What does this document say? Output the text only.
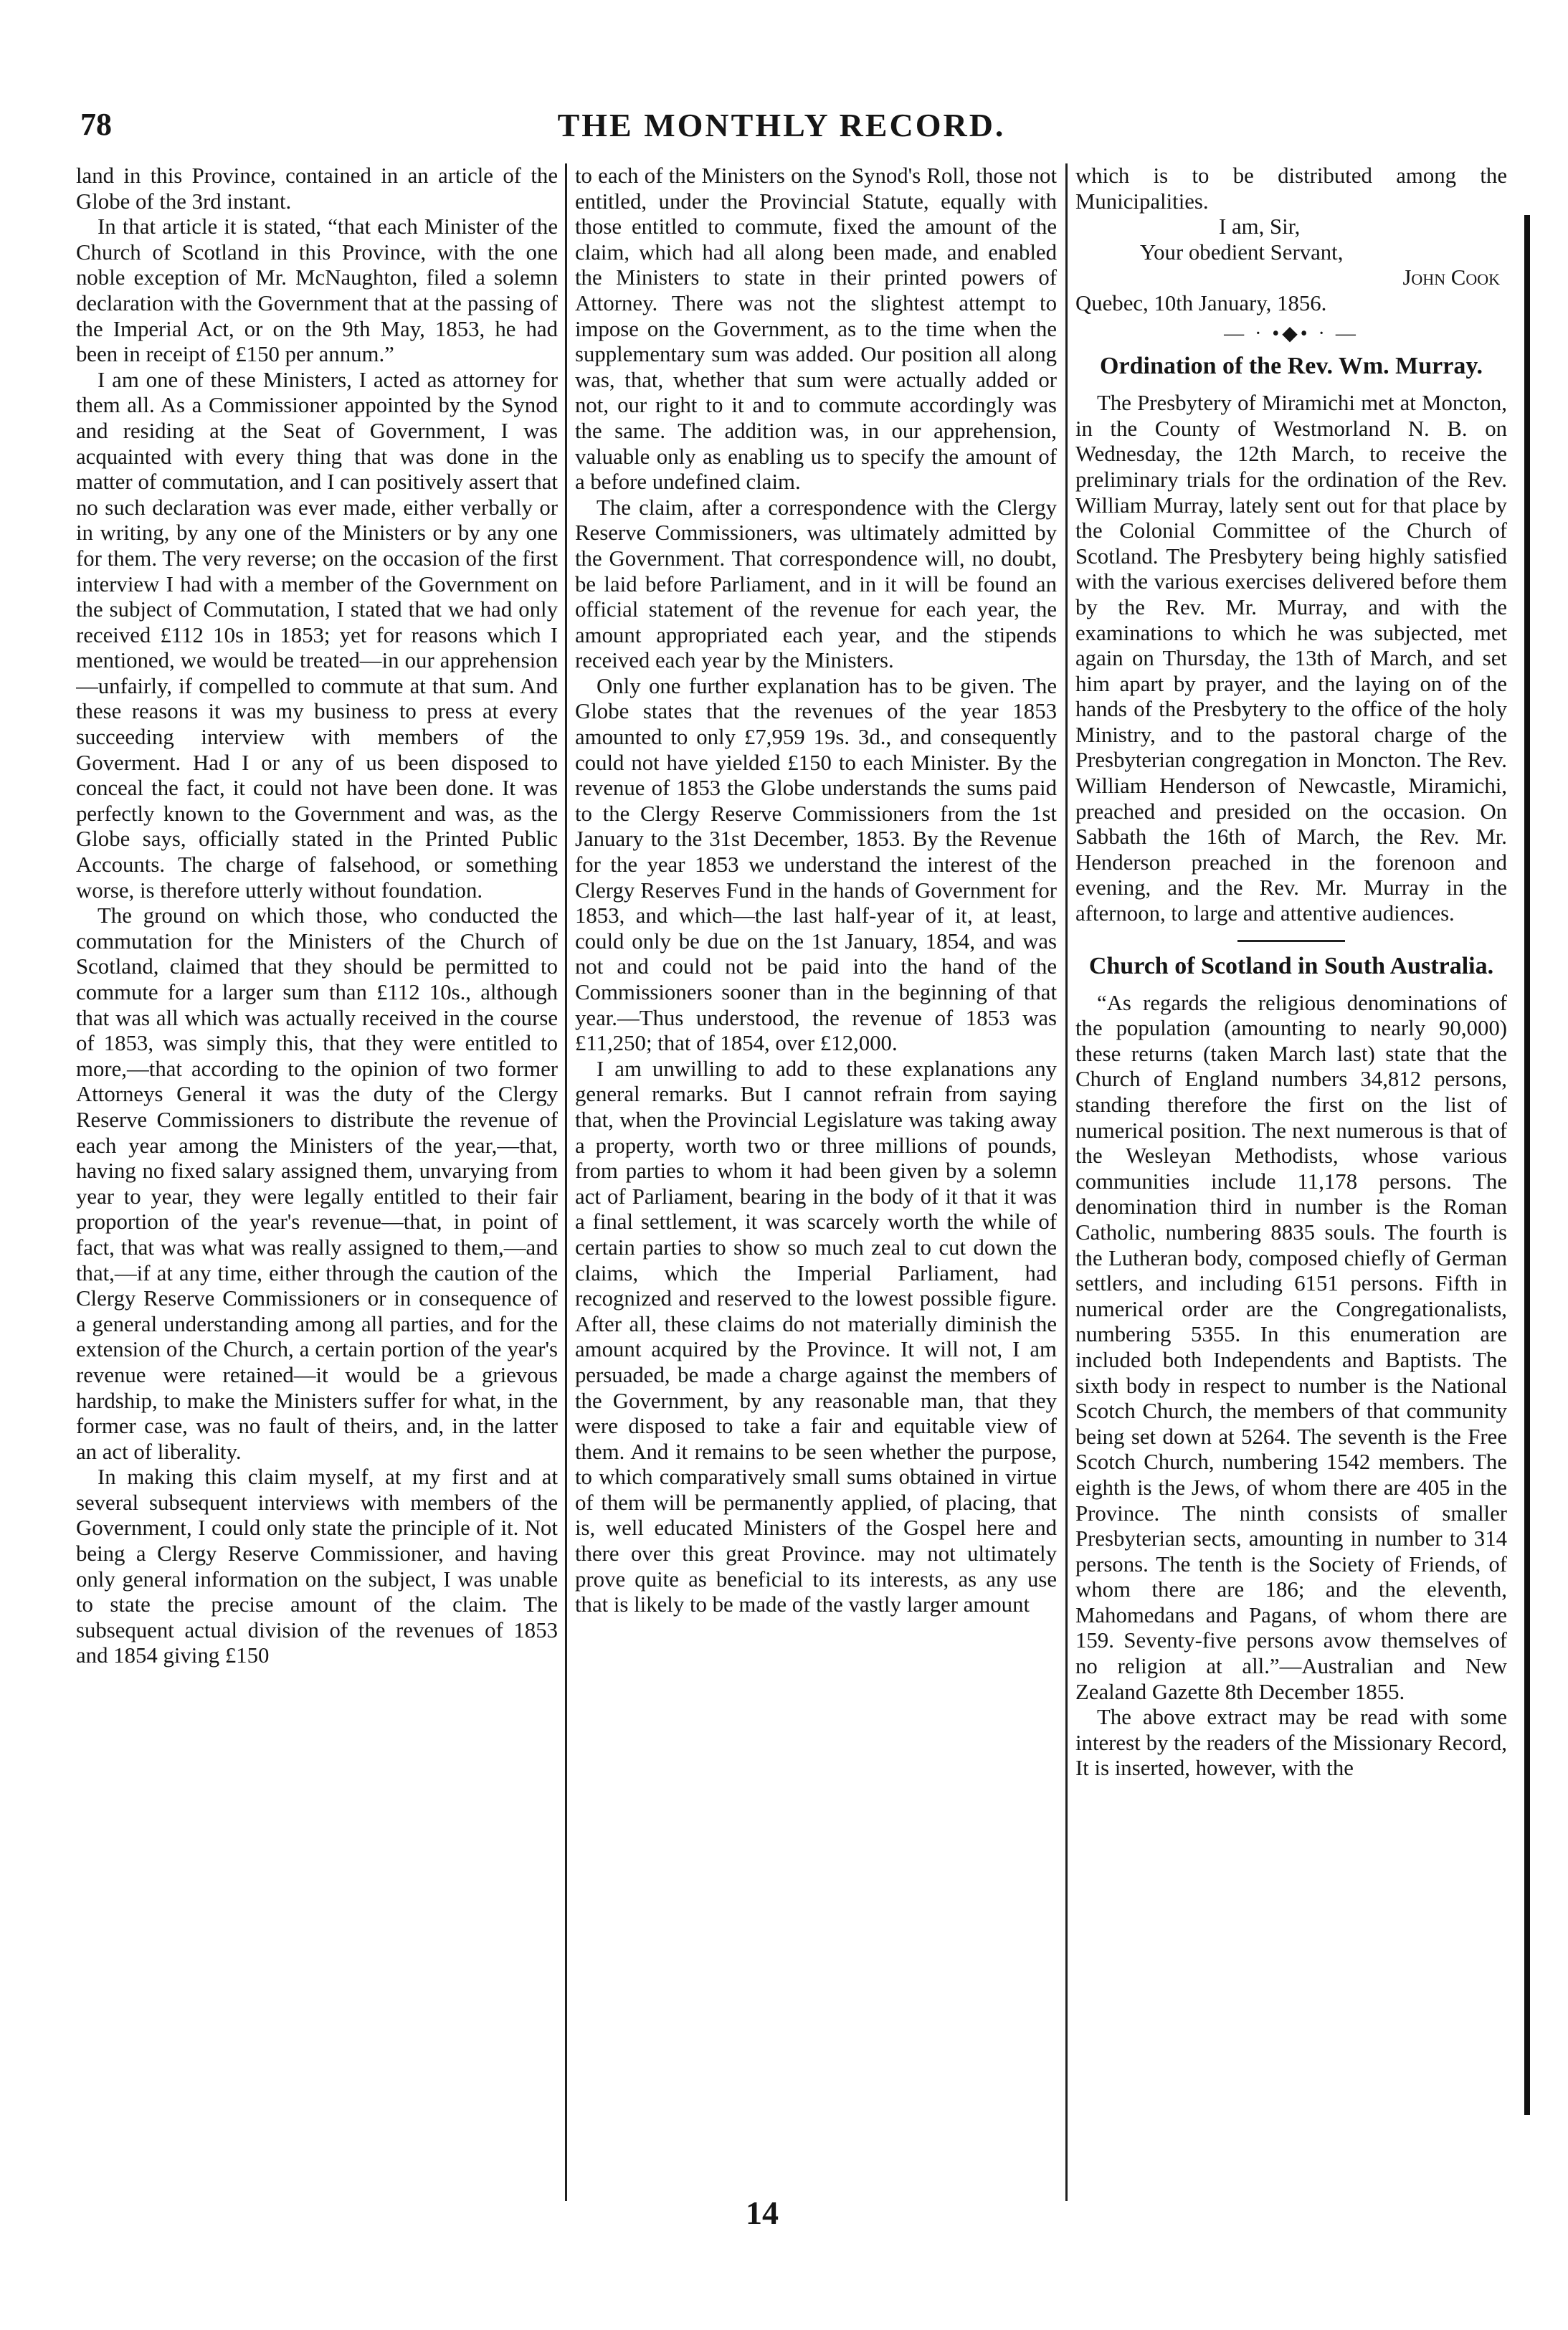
78	THE MONTHLY RECORD.

land in this Province, contained in an article of the Globe of the 3rd instant.

In that article it is stated, “that each Minister of the Church of Scotland in this Province, with the one noble exception of Mr. McNaughton, filed a solemn declaration with the Government that at the passing of the Imperial Act, or on the 9th May, 1853, he had been in receipt of £150 per annum.”

I am one of these Ministers, I acted as attorney for them all. As a Commissioner appointed by the Synod and residing at the Seat of Government, I was acquainted with every thing that was done in the matter of commutation, and I can positively assert that no such declaration was ever made, either verbally or in writing, by any one of the Ministers or by any one for them. The very reverse; on the occasion of the first interview I had with a member of the Government on the subject of Commutation, I stated that we had only received £112 10s in 1853; yet for reasons which I mentioned, we would be treated—in our apprehension—unfairly, if compelled to commute at that sum. And these reasons it was my business to press at every succeeding interview with members of the Goverment. Had I or any of us been disposed to conceal the fact, it could not have been done. It was perfectly known to the Government and was, as the Globe says, officially stated in the Printed Public Accounts. The charge of falsehood, or something worse, is therefore utterly without foundation.

The ground on which those, who conducted the commutation for the Ministers of the Church of Scotland, claimed that they should be permitted to commute for a larger sum than £112 10s., although that was all which was actually received in the course of 1853, was simply this, that they were entitled to more,—that according to the opinion of two former Attorneys General it was the duty of the Clergy Reserve Commissioners to distribute the revenue of each year among the Ministers of the year,—that, having no fixed salary assigned them, unvarying from year to year, they were legally entitled to their fair proportion of the year's revenue—that, in point of fact, that was what was really assigned to them,—and that,—if at any time, either through the caution of the Clergy Reserve Commissioners or in consequence of a general understanding among all parties, and for the extension of the Church, a certain portion of the year's revenue were retained—it would be a grievous hardship, to make the Ministers suffer for what, in the former case, was no fault of theirs, and, in the latter an act of liberality.

In making this claim myself, at my first and at several subsequent interviews with members of the Government, I could only state the principle of it. Not being a Clergy Reserve Commissioner, and having only general information on the subject, I was unable to state the precise amount of the claim. The subsequent actual division of the revenues of 1853 and 1854 giving £150

to each of the Ministers on the Synod's Roll, those not entitled, under the Provincial Statute, equally with those entitled to commute, fixed the amount of the claim, which had all along been made, and enabled the Ministers to state in their printed powers of Attorney. There was not the slightest attempt to impose on the Government, as to the time when the supplementary sum was added. Our position all along was, that, whether that sum were actually added or not, our right to it and to commute accordingly was the same. The addition was, in our apprehension, valuable only as enabling us to specify the amount of a before undefined claim.

The claim, after a correspondence with the Clergy Reserve Commissioners, was ultimately admitted by the Government. That correspondence will, no doubt, be laid before Parliament, and in it will be found an official statement of the revenue for each year, the amount appropriated each year, and the stipends received each year by the Ministers.

Only one further explanation has to be given. The Globe states that the revenues of the year 1853 amounted to only £7,959 19s. 3d., and consequently could not have yielded £150 to each Minister. By the revenue of 1853 the Globe understands the sums paid to the Clergy Reserve Commissioners from the 1st January to the 31st December, 1853. By the Revenue for the year 1853 we understand the interest of the Clergy Reserves Fund in the hands of Government for 1853, and which—the last half-year of it, at least, could only be due on the 1st January, 1854, and was not and could not be paid into the hand of the Commissioners sooner than in the beginning of that year.—Thus understood, the revenue of 1853 was £11,250; that of 1854, over £12,000.

I am unwilling to add to these explanations any general remarks. But I cannot refrain from saying that, when the Provincial Legislature was taking away a property, worth two or three millions of pounds, from parties to whom it had been given by a solemn act of Parliament, bearing in the body of it that it was a final settlement, it was scarcely worth the while of certain parties to show so much zeal to cut down the claims, which the Imperial Parliament, had recognized and reserved to the lowest possible figure. After all, these claims do not materially diminish the amount acquired by the Province. It will not, I am persuaded, be made a charge against the members of the Government, by any reasonable man, that they were disposed to take a fair and equitable view of them. And it remains to be seen whether the purpose, to which comparatively small sums obtained in virtue of them will be permanently applied, of placing, that is, well educated Ministers of the Gospel here and there over this great Province. may not ultimately prove quite as beneficial to its interests, as any use that is likely to be made of the vastly larger amount

which is to be distributed among the Municipalities.

I am, Sir,

Your obedient Servant,

John Cook

Quebec, 10th January, 1856.

— · •◆• · —

Ordination of the Rev. Wm. Murray.

The Presbytery of Miramichi met at Moncton, in the County of Westmorland N. B. on Wednesday, the 12th March, to receive the preliminary trials for the ordination of the Rev. William Murray, lately sent out for that place by the Colonial Committee of the Church of Scotland. The Presbytery being highly satisfied with the various exercises delivered before them by the Rev. Mr. Murray, and with the examinations to which he was subjected, met again on Thursday, the 13th of March, and set him apart by prayer, and the laying on of the hands of the Presbytery to the office of the holy Ministry, and to the pastoral charge of the Presbyterian congregation in Moncton. The Rev. William Henderson of Newcastle, Miramichi, preached and presided on the occasion. On Sabbath the 16th of March, the Rev. Mr. Henderson preached in the forenoon and evening, and the Rev. Mr. Murray in the afternoon, to large and attentive audiences.

Church of Scotland in South Australia.

“As regards the religious denominations of the population (amounting to nearly 90,000) these returns (taken March last) state that the Church of England numbers 34,812 persons, standing therefore the first on the list of numerical position. The next numerous is that of the Wesleyan Methodists, whose various communities include 11,178 persons. The denomination third in number is the Roman Catholic, numbering 8835 souls. The fourth is the Lutheran body, composed chiefly of German settlers, and including 6151 persons. Fifth in numerical order are the Congregationalists, numbering 5355. In this enumeration are included both Independents and Baptists. The sixth body in respect to number is the National Scotch Church, the members of that community being set down at 5264. The seventh is the Free Scotch Church, numbering 1542 members. The eighth is the Jews, of whom there are 405 in the Province. The ninth consists of smaller Presbyterian sects, amounting in number to 314 persons. The tenth is the Society of Friends, of whom there are 186; and the eleventh, Mahomedans and Pagans, of whom there are 159. Seventy-five persons avow themselves of no religion at all.”—Australian and New Zealand Gazette 8th December 1855.

The above extract may be read with some interest by the readers of the Missionary Record, It is inserted, however, with the

14
